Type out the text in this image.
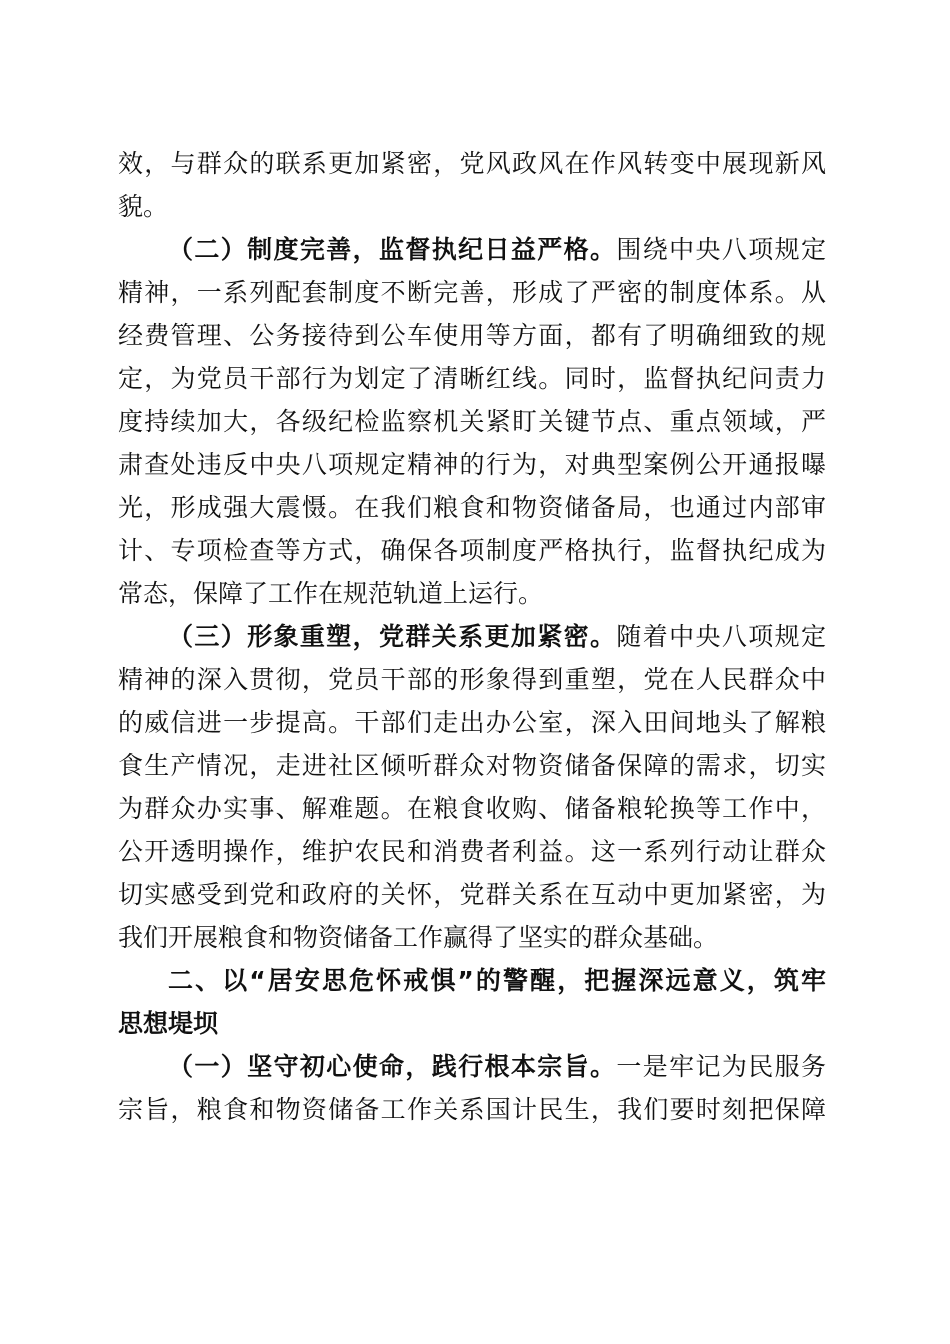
效，与群众的联系更加紧密，党风政风在作风转变中展现新风
貌。
（二）制度完善，监督执纪日益严格。围绕中央八项规定
精神，一系列配套制度不断完善，形成了严密的制度体系。从
经费管理、公务接待到公车使用等方面，都有了明确细致的规
定，为党员干部行为划定了清晰红线。同时，监督执纪问责力
度持续加大，各级纪检监察机关紧盯关键节点、重点领域，严
肃查处违反中央八项规定精神的行为，对典型案例公开通报曝
光，形成强大震慑。在我们粮食和物资储备局，也通过内部审
计、专项检查等方式，确保各项制度严格执行，监督执纪成为
常态，保障了工作在规范轨道上运行。
（三）形象重塑，党群关系更加紧密。随着中央八项规定
精神的深入贯彻，党员干部的形象得到重塑，党在人民群众中
的威信进一步提高。干部们走出办公室，深入田间地头了解粮
食生产情况，走进社区倾听群众对物资储备保障的需求，切实
为群众办实事、解难题。在粮食收购、储备粮轮换等工作中，
公开透明操作，维护农民和消费者利益。这一系列行动让群众
切实感受到党和政府的关怀，党群关系在互动中更加紧密，为
我们开展粮食和物资储备工作赢得了坚实的群众基础。
二、以“居安思危怀戒惧”的警醒，把握深远意义，筑牢
思想堤坝
（一）坚守初心使命，践行根本宗旨。一是牢记为民服务
宗旨，粮食和物资储备工作关系国计民生，我们要时刻把保障
